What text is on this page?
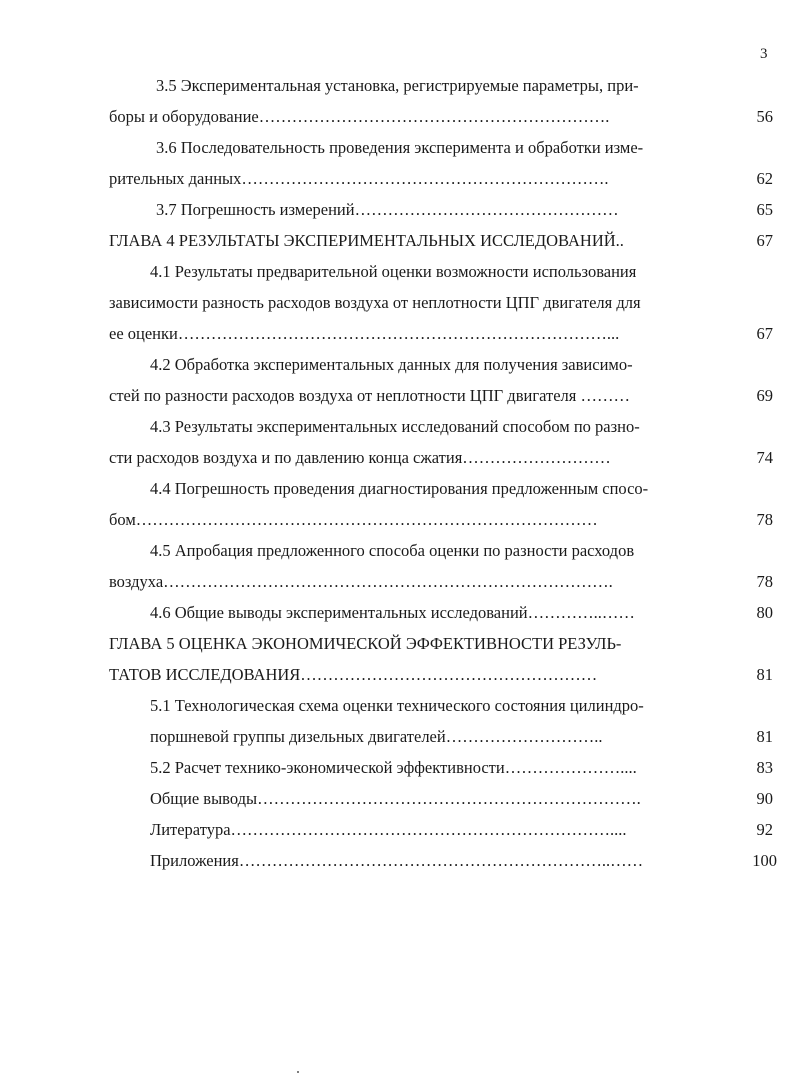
3
3.5 Экспериментальная установка, регистрируемые параметры, при-
боры и оборудование……………………………………………………….	56
3.6 Последовательность проведения эксперимента и обработки изме-
рительных данных………………………………………………………….	62
3.7 Погрешность измерений…………………………………………	65
ГЛАВА 4 РЕЗУЛЬТАТЫ ЭКСПЕРИМЕНТАЛЬНЫХ ИССЛЕДОВАНИЙ..	67
4.1 Результаты предварительной оценки возможности использования
зависимости разность расходов воздуха от неплотности ЦПГ двигателя для
ее оценки……………………………………………………………………...	67
4.2 Обработка экспериментальных данных для получения зависимо-
стей по разности расходов воздуха от неплотности ЦПГ двигателя ………	69
4.3 Результаты экспериментальных исследований способом по разно-
сти расходов воздуха и по давлению конца сжатия………………………	74
4.4 Погрешность проведения диагностирования предложенным спосо-
бом…………………………………………………………………………	78
4.5 Апробация предложенного способа оценки по разности расходов
воздуха……………………………………………………………………….	78
4.6 Общие выводы экспериментальных исследований…………..……	80
ГЛАВА 5 ОЦЕНКА ЭКОНОМИЧЕСКОЙ ЭФФЕКТИВНОСТИ РЕЗУЛЬ-
ТАТОВ ИССЛЕДОВАНИЯ………………………………………………	81
5.1 Технологическая схема оценки технического состояния цилиндро-
поршневой группы дизельных двигателей………………………..	81
5.2 Расчет технико-экономической эффективности…………………....	83
Общие выводы…………………………………………………………….	90
Литература……………………………………………………………....	92
Приложения…………………………………………………………..……	100
